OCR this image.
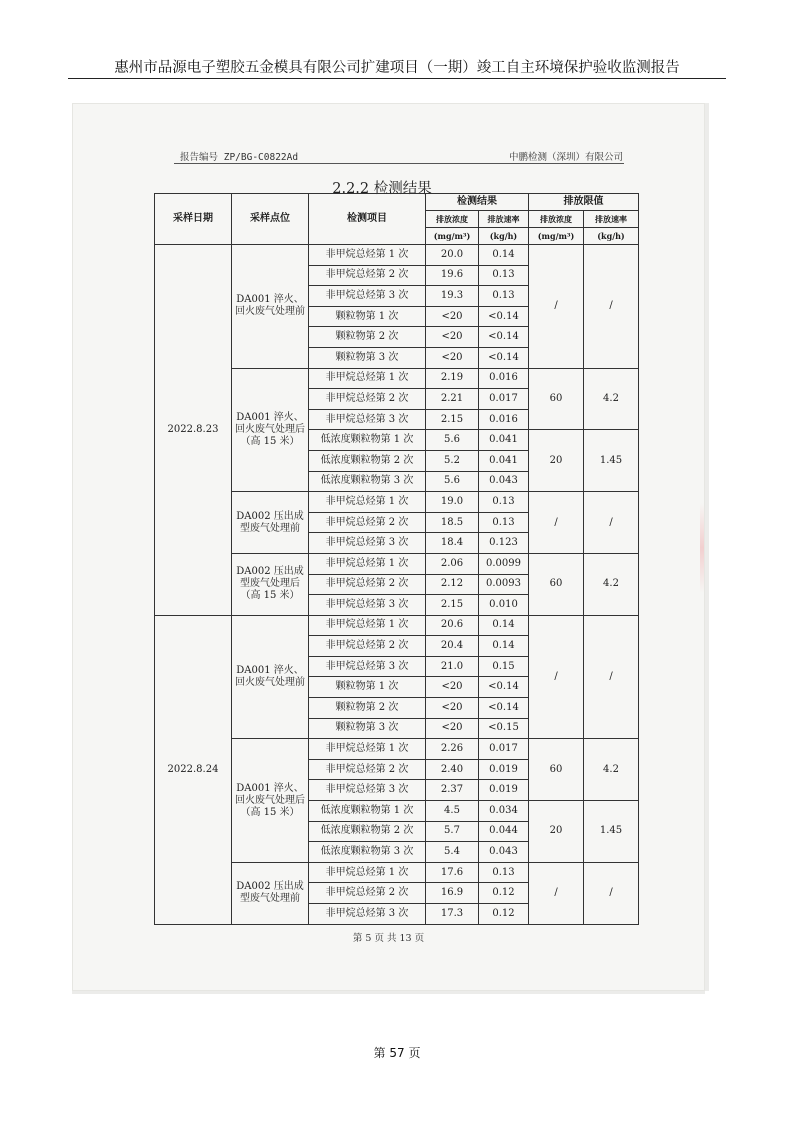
惠州市品源电子塑胶五金模具有限公司扩建项目（一期）竣工自主环境保护验收监测报告
报告编号 ZP/BG-C0822Ad	中鹏检测（深圳）有限公司
2.2.2 检测结果
采样日期	采样点位	检测项目	检测结果		排放限值	
			排放浓度	排放速率	排放浓度	排放速率
			(mg/m³)	(kg/h)	(mg/m³)	(kg/h)
2022.8.23	DA001 淬火、回火废气处理前	非甲烷总烃第 1 次	20.0	0.14	/	/
		非甲烷总烃第 2 次	19.6	0.13		
		非甲烷总烃第 3 次	19.3	0.13		
		颗粒物第 1 次	<20	<0.14		
		颗粒物第 2 次	<20	<0.14		
		颗粒物第 3 次	<20	<0.14		
	DA001 淬火、回火废气处理后（高 15 米）	非甲烷总烃第 1 次	2.19	0.016	60	4.2
		非甲烷总烃第 2 次	2.21	0.017		
		非甲烷总烃第 3 次	2.15	0.016		
		低浓度颗粒物第 1 次	5.6	0.041	20	1.45
		低浓度颗粒物第 2 次	5.2	0.041		
		低浓度颗粒物第 3 次	5.6	0.043		
	DA002 压出成型废气处理前	非甲烷总烃第 1 次	19.0	0.13	/	/
		非甲烷总烃第 2 次	18.5	0.13		
		非甲烷总烃第 3 次	18.4	0.123		
	DA002 压出成型废气处理后（高 15 米）	非甲烷总烃第 1 次	2.06	0.0099	60	4.2
		非甲烷总烃第 2 次	2.12	0.0093		
		非甲烷总烃第 3 次	2.15	0.010		
2022.8.24	DA001 淬火、回火废气处理前	非甲烷总烃第 1 次	20.6	0.14	/	/
		非甲烷总烃第 2 次	20.4	0.14		
		非甲烷总烃第 3 次	21.0	0.15		
		颗粒物第 1 次	<20	<0.14		
		颗粒物第 2 次	<20	<0.14		
		颗粒物第 3 次	<20	<0.15		
	DA001 淬火、回火废气处理后（高 15 米）	非甲烷总烃第 1 次	2.26	0.017	60	4.2
		非甲烷总烃第 2 次	2.40	0.019		
		非甲烷总烃第 3 次	2.37	0.019		
		低浓度颗粒物第 1 次	4.5	0.034	20	1.45
		低浓度颗粒物第 2 次	5.7	0.044		
		低浓度颗粒物第 3 次	5.4	0.043		
	DA002 压出成型废气处理前	非甲烷总烃第 1 次	17.6	0.13	/	/
		非甲烷总烃第 2 次	16.9	0.12		
		非甲烷总烃第 3 次	17.3	0.12		
第 5 页 共 13 页
第 57 页
